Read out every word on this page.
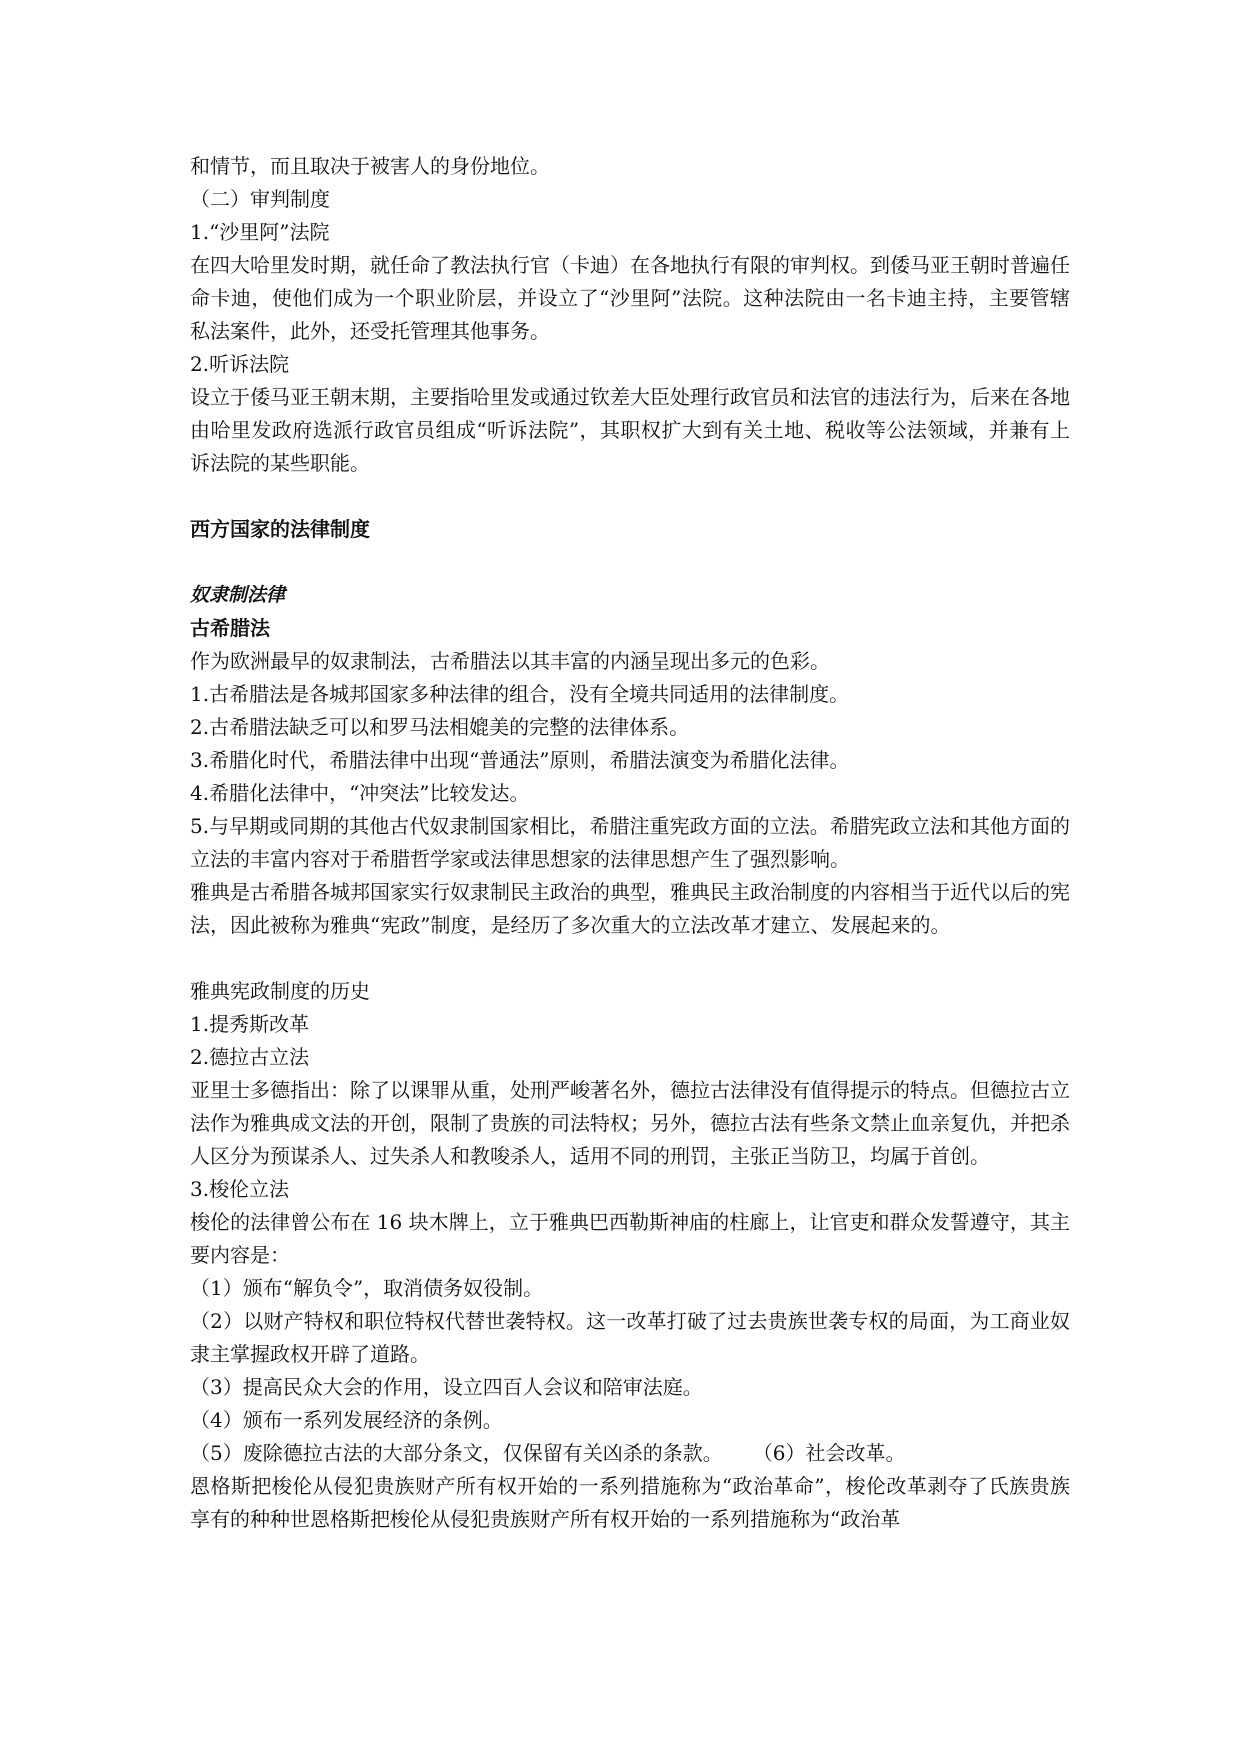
和情节，而且取决于被害人的身份地位。

（二）审判制度

1.“沙里阿”法院

在四大哈里发时期，就任命了教法执行官（卡迪）在各地执行有限的审判权。到倭马亚王朝时普遍任命卡迪，使他们成为一个职业阶层，并设立了“沙里阿”法院。这种法院由一名卡迪主持，主要管辖私法案件，此外，还受托管理其他事务。

2.听诉法院

设立于倭马亚王朝末期，主要指哈里发或通过钦差大臣处理行政官员和法官的违法行为，后来在各地由哈里发政府选派行政官员组成“听诉法院”，其职权扩大到有关土地、税收等公法领域，并兼有上诉法院的某些职能。

西方国家的法律制度

奴隶制法律

古希腊法

作为欧洲最早的奴隶制法，古希腊法以其丰富的内涵呈现出多元的色彩。

1.古希腊法是各城邦国家多种法律的组合，没有全境共同适用的法律制度。

2.古希腊法缺乏可以和罗马法相媲美的完整的法律体系。

3.希腊化时代，希腊法律中出现“普通法”原则，希腊法演变为希腊化法律。

4.希腊化法律中，“冲突法”比较发达。

5.与早期或同期的其他古代奴隶制国家相比，希腊注重宪政方面的立法。希腊宪政立法和其他方面的立法的丰富内容对于希腊哲学家或法律思想家的法律思想产生了强烈影响。

雅典是古希腊各城邦国家实行奴隶制民主政治的典型，雅典民主政治制度的内容相当于近代以后的宪法，因此被称为雅典“宪政”制度，是经历了多次重大的立法改革才建立、发展起来的。

雅典宪政制度的历史

1.提秀斯改革

2.德拉古立法

亚里士多德指出：除了以课罪从重，处刑严峻著名外，德拉古法律没有值得提示的特点。但德拉古立法作为雅典成文法的开创，限制了贵族的司法特权；另外，德拉古法有些条文禁止血亲复仇，并把杀人区分为预谋杀人、过失杀人和教唆杀人，适用不同的刑罚，主张正当防卫，均属于首创。

3.梭伦立法

梭伦的法律曾公布在 16 块木牌上，立于雅典巴西勒斯神庙的柱廊上，让官吏和群众发誓遵守，其主要内容是：

（1）颁布“解负令”，取消债务奴役制。

（2）以财产特权和职位特权代替世袭特权。这一改革打破了过去贵族世袭专权的局面，为工商业奴隶主掌握政权开辟了道路。

（3）提高民众大会的作用，设立四百人会议和陪审法庭。

（4）颁布一系列发展经济的条例。

（5）废除德拉古法的大部分条文，仅保留有关凶杀的条款。 （6）社会改革。

恩格斯把梭伦从侵犯贵族财产所有权开始的一系列措施称为“政治革命”，梭伦改革剥夺了氏族贵族享有的种种世恩格斯把梭伦从侵犯贵族财产所有权开始的一系列措施称为“政治革
